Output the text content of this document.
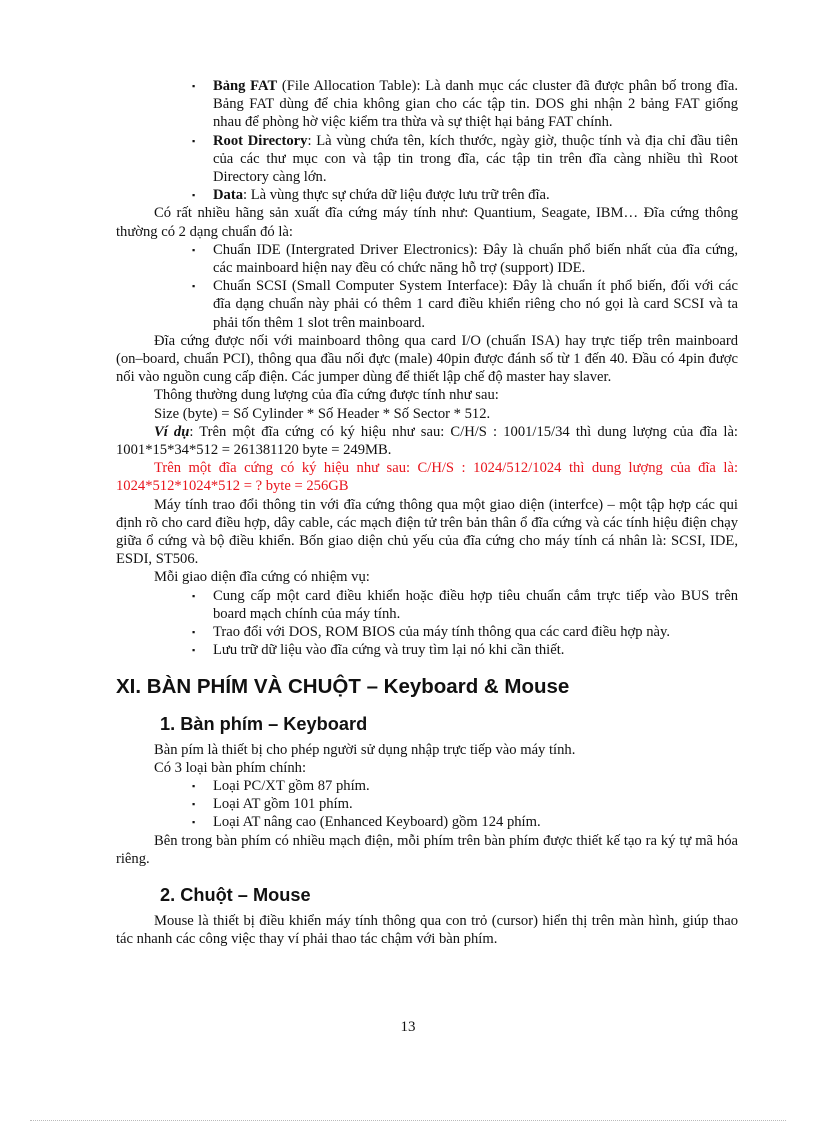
▪ Bảng FAT (File Allocation Table): Là danh mục các cluster đã được phân bố trong đĩa. Bảng FAT dùng để chia không gian cho các tập tin. DOS ghi nhận 2 bảng FAT giống nhau để phòng hờ việc kiểm tra thừa và sự thiệt hại bảng FAT chính.
▪ Root Directory: Là vùng chứa tên, kích thước, ngày giờ, thuộc tính và địa chỉ đầu tiên của các thư mục con và tập tin trong đĩa, các tập tin trên đĩa càng nhiều thì Root Directory càng lớn.
▪ Data: Là vùng thực sự chứa dữ liệu được lưu trữ trên đĩa.

Có rất nhiều hãng sản xuất đĩa cứng máy tính như: Quantium, Seagate, IBM… Đĩa cứng thông thường có 2 dạng chuẩn đó là:

▪ Chuẩn IDE (Intergrated Driver Electronics): Đây là chuẩn phổ biến nhất của đĩa cứng, các mainboard hiện nay đều có chức năng hỗ trợ (support) IDE.
▪ Chuẩn SCSI (Small Computer System Interface): Đây là chuẩn ít phổ biến, đối với các đĩa dạng chuẩn này phải có thêm 1 card điều khiển riêng cho nó gọi là card SCSI và ta phải tốn thêm 1 slot trên mainboard.

Đĩa cứng được nối với mainboard thông qua card I/O (chuẩn ISA) hay trực tiếp trên mainboard (on–board, chuẩn PCI), thông qua đầu nối đực (male) 40pin được đánh số từ 1 đến 40. Đầu có 4pin được nối vào nguồn cung cấp điện. Các jumper dùng để thiết lập chế độ master hay slaver.

Thông thường dung lượng của đĩa cứng được tính như sau:

Size (byte) = Số Cylinder * Số Header * Số Sector * 512.

Ví dụ: Trên một đĩa cứng có ký hiệu như sau: C/H/S : 1001/15/34 thì dung lượng của đĩa là: 1001*15*34*512 = 261381120 byte = 249MB.

Trên một đĩa cứng có ký hiệu như sau: C/H/S : 1024/512/1024 thì dung lượng của đĩa là: 1024*512*1024*512 = ? byte = 256GB

Máy tính trao đổi thông tin với đĩa cứng thông qua một giao diện (interfce) – một tập hợp các qui định rõ cho card điều hợp, dây cable, các mạch điện tử trên bản thân ổ đĩa cứng và các tính hiệu điện chạy giữa ổ cứng và bộ điều khiển. Bốn giao diện chủ yếu của đĩa cứng cho máy tính cá nhân là: SCSI, IDE, ESDI, ST506.

Mỗi giao diện đĩa cứng có nhiệm vụ:

▪ Cung cấp một card điều khiển hoặc điều hợp tiêu chuẩn cắm trực tiếp vào BUS trên board mạch chính của máy tính.
▪ Trao đổi với DOS, ROM BIOS của máy tính thông qua các card điều hợp này.
▪ Lưu trữ dữ liệu vào đĩa cứng và truy tìm lại nó khi cần thiết.
XI. BÀN PHÍM VÀ CHUỘT – Keyboard & Mouse
1. Bàn phím – Keyboard

Bàn pím là thiết bị cho phép người sử dụng nhập trực tiếp vào máy tính.

Có 3 loại bàn phím chính:

▪ Loại PC/XT gồm 87 phím.
▪ Loại AT gồm 101 phím.
▪ Loại AT nâng cao (Enhanced Keyboard) gồm 124 phím.

Bên trong bàn phím có nhiều mạch điện, mỗi phím trên bàn phím được thiết kế tạo ra ký tự mã hóa riêng.

2. Chuột – Mouse

Mouse là thiết bị điều khiển máy tính thông qua con trỏ (cursor) hiển thị trên màn hình, giúp thao tác nhanh các công việc thay ví phải thao tác chậm với bàn phím.

13
